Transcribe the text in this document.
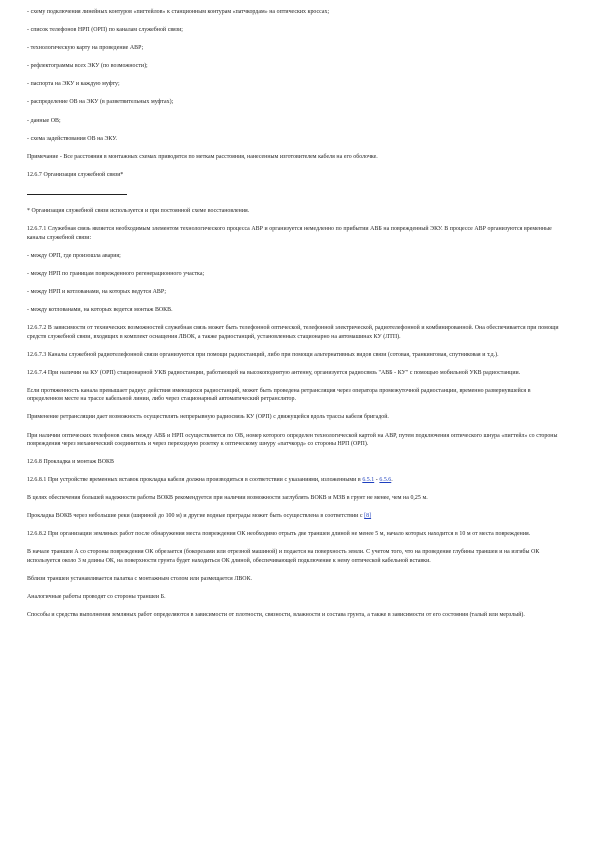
- схему подключения линейных контуров «пигтейлов» к станционным контурам «патчкордам» на оптических кроссах;

- список телефонов НРП (ОРП) по каналам служебной связи;

- технологическую карту на проведение АВР;

- рефлектограммы всех ЭКУ (по возможности);

- паспорта на ЭКУ и каждую муфту;

- распределение ОВ на ЭКУ (в разветвительных муфтах);

- данные ОВ;

- схема задействования ОВ на ЭКУ.

Примечание - Все расстояния в монтажных схемах приводятся по меткам расстояния, нанесенным изготовителем кабеля на его оболочке.

12.6.7 Организация служебной связи*

* Организация служебной связи используется и при постоянной схеме восстановления.

12.6.7.1 Служебная связь является необходимым элементом технологического процесса АВР и организуется немедленно по прибытии АВБ на поврежденный ЭКУ. В процессе АВР организуются временные каналы служебной связи:

- между ОРП, где произошла авария;

- между НРП по границам поврежденного регенерационного участка;

- между НРП и котлованами, на которых ведутся АВР;

- между котлованами, на которых ведется монтаж ВОКВ.

12.6.7.2 В зависимости от технических возможностей служебная связь может быть телефонной оптической, телефонной электрической, радиотелефонной и комбинированной. Она обеспечивается при помощи средств служебной связи, входящих в комплект оснащения ЛВОК, а также радиостанций, установленных стационарно на автомашинах КУ (ЛТП).

12.6.7.3 Каналы служебной радиотелефонной связи организуются при помощи радиостанций, либо при помощи альтернативных видов связи (сотовая, транкинговая, спутниковая и т.д.).

12.6.7.4 При наличии на КУ (ОРП) стационарной УКВ радиостанции, работающей на высокоподнятую антенну, организуется радиосвязь "АВБ - КУ" с помощью мобильной УКВ радиостанции.

Если протяженность канала превышает радиус действия имеющихся радиостанций, может быть проведена ретрансляция через оператора промежуточной радиостанции, временно развернувшейся в определенном месте на трассе кабельной линии, либо через стационарный автоматический ретранслятор.

Применение ретрансляции дает возможность осуществлять непрерывную радиосвязь КУ (ОРП) с движущейся вдоль трассы кабеля бригадой.

При наличии оптических телефонов связь между АВБ и НРП осуществляется по ОВ, номер которого определен технологической картой на АВР, путем подключения оптического шнура «пигтейл» со стороны повреждения через механический соединитель и через переходную розетку к оптическому шнуру «патчкорд» со стороны НРП (ОРП).

12.6.8 Прокладка и монтаж ВОКВ

12.6.8.1 При устройстве временных вставок прокладка кабеля должна производиться в соответствии с указаниями, изложенными в 6.5.1 - 6.5.6.

В целях обеспечения большей надежности работы ВОКВ рекомендуется при наличии возможности заглублять ВОКВ и МЗВ в грунт не менее, чем на 0,25 м.

Прокладка ВОКВ через небольшие реки (шириной до 100 м) и другие водные преграды может быть осуществлена в соответствии с [8]

12.6.8.2 При организации земляных работ после обнаружения места повреждения ОК необходимо отрыть две траншеи длиной не менее 5 м, начало которых находится в 10 м от места повреждения.

В начале траншеи А со стороны повреждения ОК обрезается (бокорезами или отрезной машиной) и подается на поверхность земли. С учетом того, что на проведение глубины траншеи и на изгибы ОК используется около 3 м длины ОК, на поверхности грунта будет находиться ОК длиной, обеспечивающей подключение к нему оптической кабельной вставки.

Вблизи траншеи устанавливается палатка с монтажным столом или размещается ЛВОК.

Аналогичные работы проводят со стороны траншеи Б.

Способы и средства выполнения земляных работ определяются в зависимости от плотности, связности, влажности и состава грунта, а также в зависимости от его состояния (талый или мерзлый).
